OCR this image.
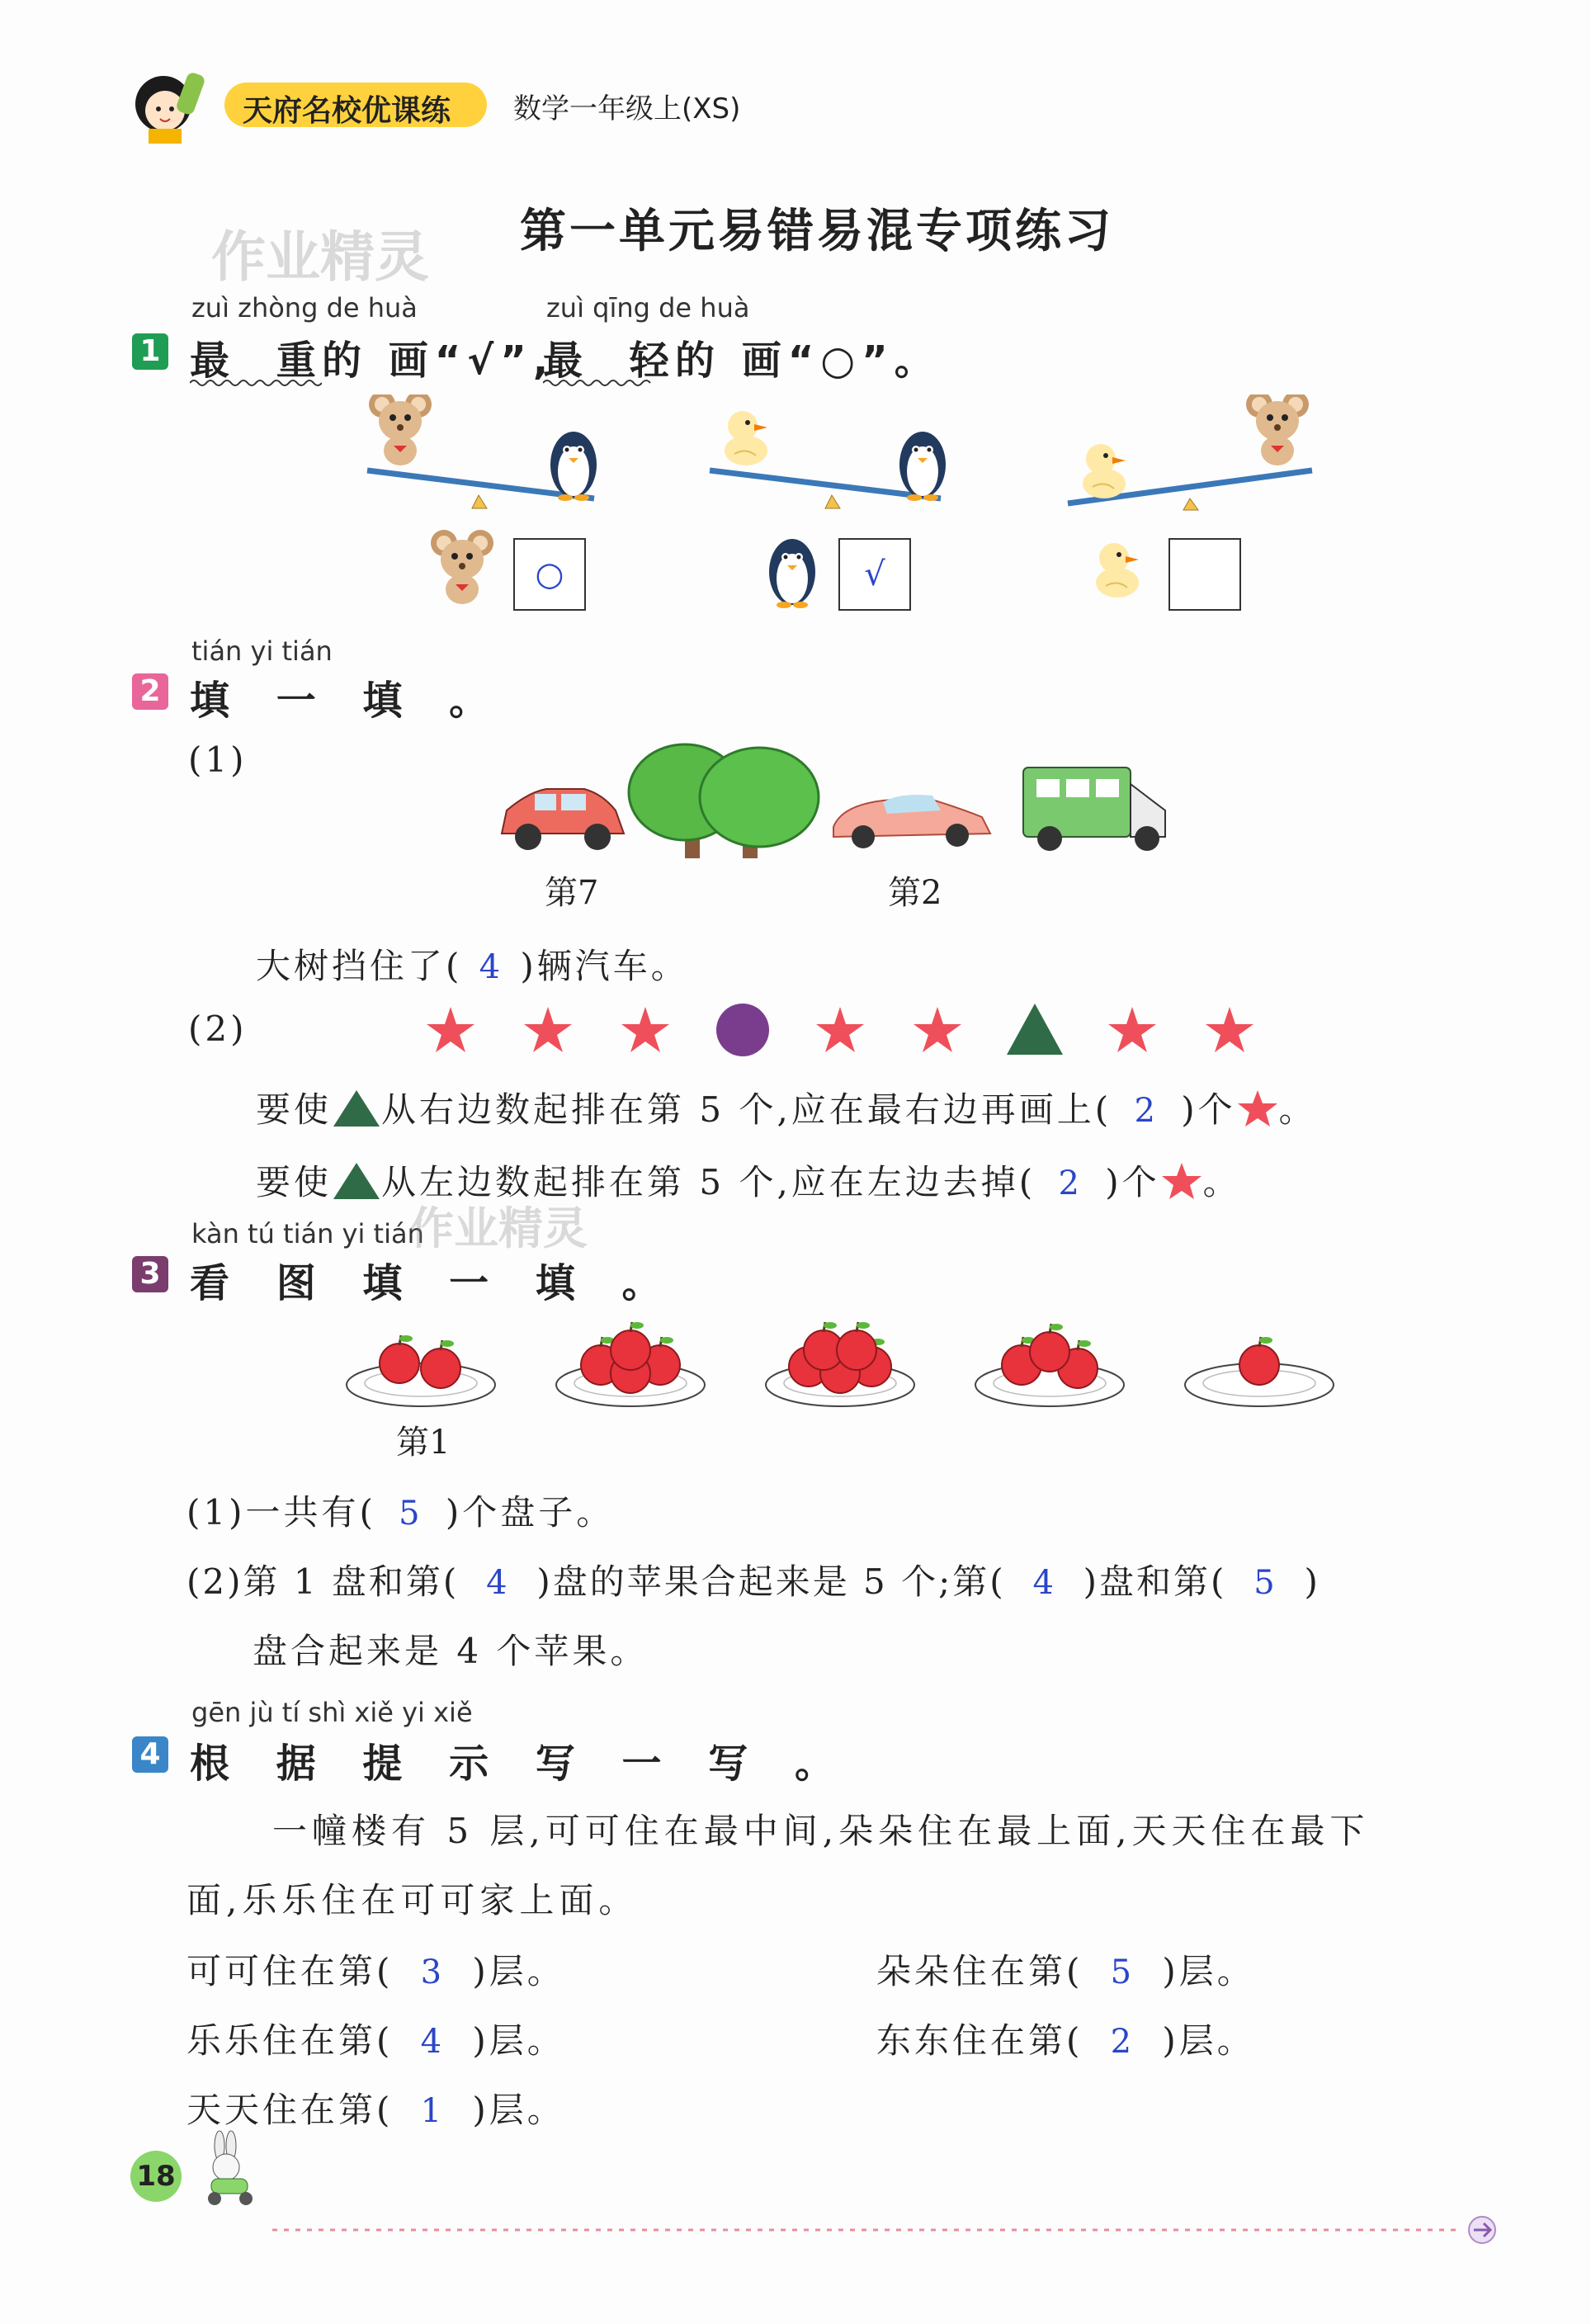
天府名校优课练 数学一年级上(XS)
第一单元易错易混专项练习
作业精灵
zuì zhòng de huà	zuì qīng de huà
1 最 重
的 画“√”,
最 轻
的 画“○”。
○	√
tián yi tián
2 填 一 填 。
(1)
第7	第2
大树挡住了( 4 )辆汽车。
(2)
要使 从右边数起排在第 5 个,应在最右边再画上( 2 )个 。
要使 从左边数起排在第 5 个,应在左边去掉( 2 )个 。
kàn tú tián yi tián
作业精灵
3 看 图 填 一 填 。
第1
(1)一共有( 5 )个盘子。
(2)第 1 盘和第( 4 )盘的苹果合起来是 5 个;第( 4 )盘和第( 5 )
盘合起来是 4 个苹果。
gēn jù tí shì xiě yi xiě
4 根 据 提 示 写 一 写 。
一幢楼有 5 层,可可住在最中间,朵朵住在最上面,天天住在最下
面,乐乐住在可可家上面。
可可住在第( 3 )层。	朵朵住在第( 5 )层。
乐乐住在第( 4 )层。	东东住在第( 2 )层。
天天住在第( 1 )层。
18
